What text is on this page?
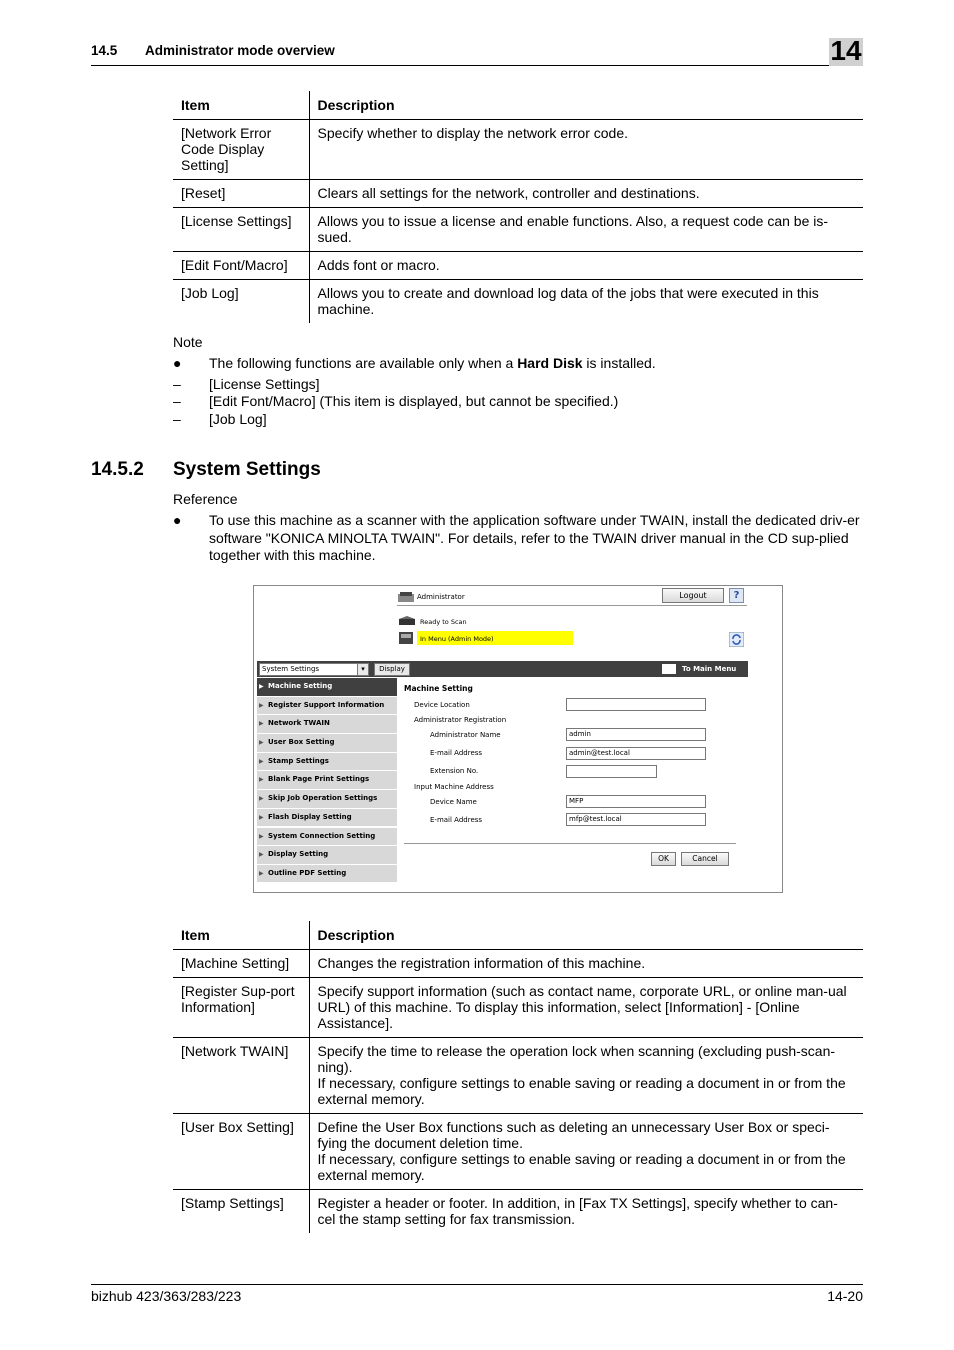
14.5 Administrator mode overview	14
Item	Description
[Network Error Code Display Setting]	Specify whether to display the network error code.
[Reset]	Clears all settings for the network, controller and destinations.
[License Settings]	Allows you to issue a license and enable functions. Also, a request code can be is-sued.
[Edit Font/Macro]	Adds font or macro.
[Job Log]	Allows you to create and download log data of the jobs that were executed in this machine.
Note
● The following functions are available only when a Hard Disk is installed.
– [License Settings]
– [Edit Font/Macro] (This item is displayed, but cannot be specified.)
– [Job Log]
14.5.2 System Settings
Reference
● To use this machine as a scanner with the application software under TWAIN, install the dedicated driv-er software "KONICA MINOLTA TWAIN". For details, refer to the TWAIN driver manual in the CD sup-plied together with this machine.
Administrator	Logout	?
Ready to Scan
In Menu (Admin Mode)
System Settings	▾	Display	To Main Menu
▶ Machine Setting
▶ Register Support Information
▶ Network TWAIN
▶ User Box Setting
▶ Stamp Settings
▶ Blank Page Print Settings
▶ Skip Job Operation Settings
▶ Flash Display Setting
▶ System Connection Setting
▶ Display Setting
▶ Outline PDF Setting
Machine Setting
Device Location
Administrator Registration
Administrator Name	admin
E-mail Address	admin@test.local
Extension No.
Input Machine Address
Device Name	MFP
E-mail Address	mfp@test.local
OK	Cancel
Item	Description
[Machine Setting]	Changes the registration information of this machine.
[Register Sup-port Information]	Specify support information (such as contact name, corporate URL, or online man-ual URL) of this machine. To display this information, select [Information] - [Online Assistance].
[Network TWAIN]	Specify the time to release the operation lock when scanning (excluding push-scan-ning).
If necessary, configure settings to enable saving or reading a document in or from the external memory.
[User Box Setting]	Define the User Box functions such as deleting an unnecessary User Box or speci-fying the document deletion time.
If necessary, configure settings to enable saving or reading a document in or from the external memory.
[Stamp Settings]	Register a header or footer. In addition, in [Fax TX Settings], specify whether to can-cel the stamp setting for fax transmission.
bizhub 423/363/283/223	14-20
